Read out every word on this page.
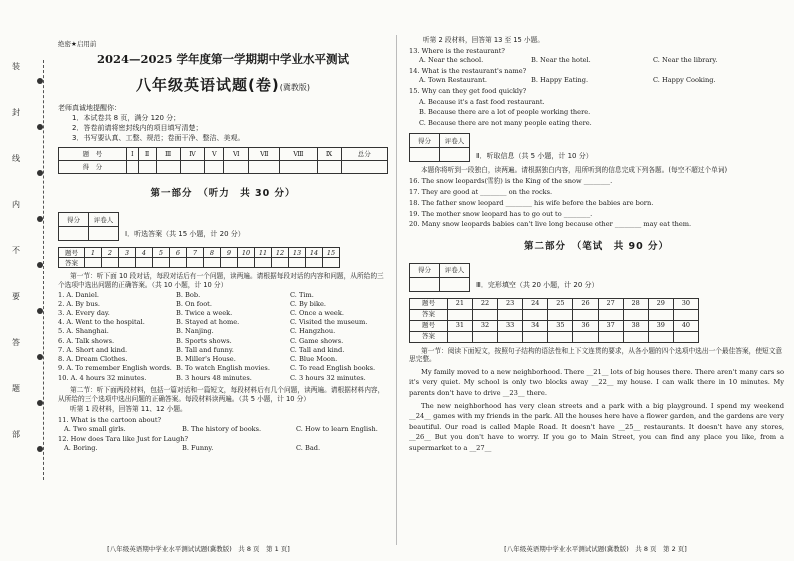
装
封
线
内
不
要
答
题
部
绝密★启用前
2024—2025 学年度第一学期期中学业水平测试
八年级英语试题(卷)(冀教版)
老师真诚地提醒你：
1．本试卷共 8 页，满分 120 分；
2．答卷前请将密封线内的项目填写清楚；
3．书写要认真、工整、规范；卷面干净、整洁、美观。
题　号	Ⅰ	Ⅱ	Ⅲ	Ⅳ	Ⅴ	Ⅵ	Ⅶ	Ⅷ	Ⅸ	总分
得　分										
第一部分　（听力　共 30 分）
得分	评卷人

Ⅰ．听选答案（共 15 小题，计 20 分）
题号	1	2	3	4	5	6	7	8	9	10	11	12	13	14	15
答案															
第一节：听下面 10 段对话，每段对话后有一个问题，读两遍。请根据每段对话的内容和问题，从所给的三个选项中选出问题的正确答案。（共 10 小题，计 10 分）
1. A. Daniel.	B. Bob.	C. Tim.
2. A. By bus.	B. On foot.	C. By bike.
3. A. Every day.	B. Twice a week.	C. Once a week.
4. A. Went to the hospital.	B. Stayed at home.	C. Visited the museum.
5. A. Shanghai.	B. Nanjing.	C. Hangzhou.
6. A. Talk shows.	B. Sports shows.	C. Game shows.
7. A. Short and kind.	B. Tall and funny.	C. Tall and kind.
8. A. Dream Clothes.	B. Miller's House.	C. Blue Moon.
9. A. To remember English words. B. To watch English movies.	C. To read English books.
10. A. 4 hours 32 minutes.	B. 3 hours 48 minutes.	C. 3 hours 32 minutes.
第二节：听下面两段材料，包括一篇对话和一篇短文，每段材料后有几个问题，读两遍。请根据材料内容，从所给的三个选项中选出问题的正确答案。每段材料读两遍。（共 5 小题，计 10 分）
听第 1 段材料，回答第 11、12 小题。
11. What is the cartoon about?
A. Two small girls.	B. The history of books.	C. How to learn English.
12. How does Tara like Just for Laugh?
A. Boring.	B. Funny.	C. Bad.
[八年级英语期中学业水平测试试题(冀教版)　共 8 页　第 1 页]
听第 2 段材料，回答第 13 至 15 小题。
13. Where is the restaurant?
A. Near the school.	B. Near the hotel.	C. Near the library.
14. What is the restaurant's name?
A. Town Restaurant.	B. Happy Eating.	C. Happy Cooking.
15. Why can they get food quickly?
A. Because it's a fast food restaurant.
B. Because there are a lot of people working there.
C. Because there are not many people eating there.
得分	评卷人

Ⅱ．听取信息（共 5 小题，计 10 分）
本题你将听到一段独白，读两遍。请根据独白内容，用所听到的信息完成下列各题。(每空不超过个单词)
16. The snow leopards(雪豹) is the King of the snow ________.
17. They are good at ________ on the rocks.
18. The father snow leopard ________ his wife before the babies are born.
19. The mother snow leopard has to go out to ________.
20. Many snow leopards babies can't live long because other ________ may eat them.
第二部分　（笔试　共 90 分）
得分	评卷人

Ⅲ．完形填空（共 20 小题，计 20 分）
题号	21	22	23	24	25	26	27	28	29	30
答案										
题号	31	32	33	34	35	36	37	38	39	40
答案										
第一节：阅读下面短文，按照句子结构的语法性和上下文连贯的要求，从各小题的四个选项中选出一个最佳答案，使短文意思完整。
My family moved to a new neighborhood. There __21__ lots of big houses there. There aren't many cars so it's very quiet. My school is only two blocks away __22__ my house. I can walk there in 10 minutes. My parents don't have to drive __23__ there.
The new neighborhood has very clean streets and a park with a big playground. I spend my weekend __24__ games with my friends in the park. All the houses here have a flower garden, and the gardens are very beautiful. Our road is called Maple Road. It doesn't have __25__ restaurants. It doesn't have any stores, __26__ But you don't have to worry. If you go to Main Street, you can find any place you like, from a supermarket to a __27__
[八年级英语期中学业水平测试试题(冀教版)　共 8 页　第 2 页]
